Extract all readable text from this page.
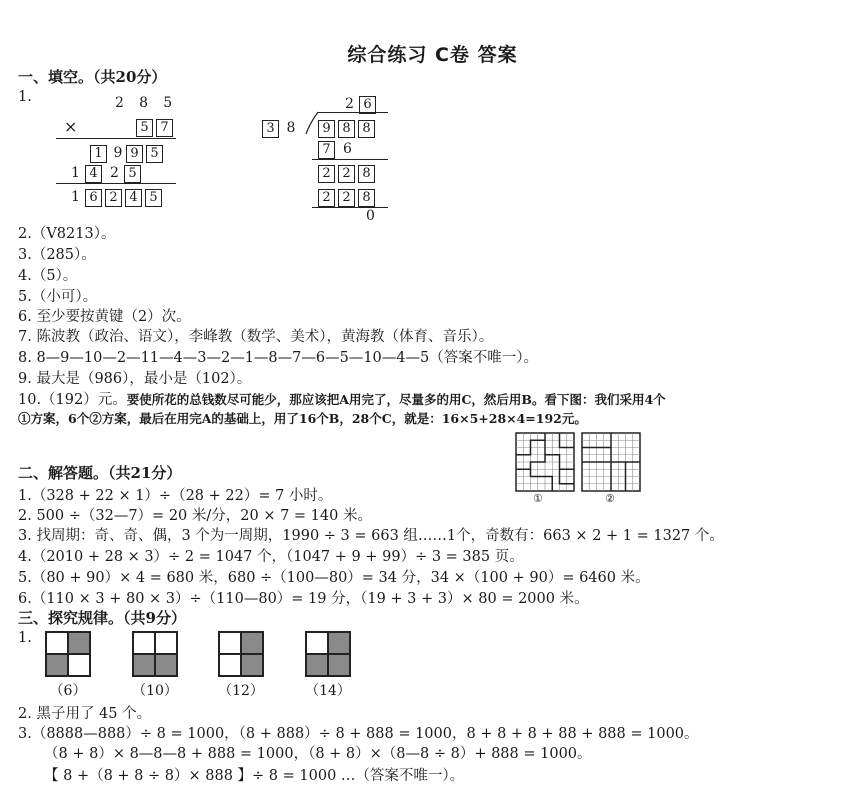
综合练习 C卷 答案
一、填空。（共20分）
1.	2 8 5
×	5 7
1 9 9 5
1 4 2 5
1 6 2 4 5
2 6
3 8	9 8 8
7 6
2 2 8
2 2 8
0
2.（V8213）。
3.（285）。
4.（5）。
5.（小可）。
6. 至少要按黄键（2）次。
7. 陈波教（政治、语文），李峰教（数学、美术），黄海教（体育、音乐）。
8. 8—9—10—2—11—4—3—2—1—8—7—6—5—10—4—5（答案不唯一）。
9. 最大是（986），最小是（102）。
10.（192）元。要使所花的总钱数尽可能少，那应该把A用完了，尽量多的用C，然后用B。看下图：我们采用4个
①方案，6个②方案，最后在用完A的基础上，用了16个B，28个C，就是：16×5+28×4=192元。
①	②
二、解答题。（共21分）
1.（328 + 22 × 1）÷（28 + 22）= 7 小时。
2. 500 ÷（32—7）= 20 米/分，20 × 7 = 140 米。
3. 找周期：奇、奇、偶，3 个为一周期，1990 ÷ 3 = 663 组……1个，奇数有：663 × 2 + 1 = 1327 个。
4.（2010 + 28 × 3）÷ 2 = 1047 个，（1047 + 9 + 99）÷ 3 = 385 页。
5.（80 + 90）× 4 = 680 米，680 ÷（100—80）= 34 分，34 ×（100 + 90）= 6460 米。
6.（110 × 3 + 80 × 3）÷（110—80）= 19 分，（19 + 3 + 3）× 80 = 2000 米。
三、探究规律。（共9分）
1.
（6）	（10）	（12）	（14）
2. 黑子用了 45 个。
3.（8888—888）÷ 8 = 1000，（8 + 888）÷ 8 + 888 = 1000，8 + 8 + 8 + 88 + 888 = 1000。
（8 + 8）× 8—8—8 + 888 = 1000，（8 + 8）×（8—8 ÷ 8）+ 888 = 1000。
【 8 +（8 + 8 ÷ 8）× 888 】÷ 8 = 1000 …（答案不唯一）。
